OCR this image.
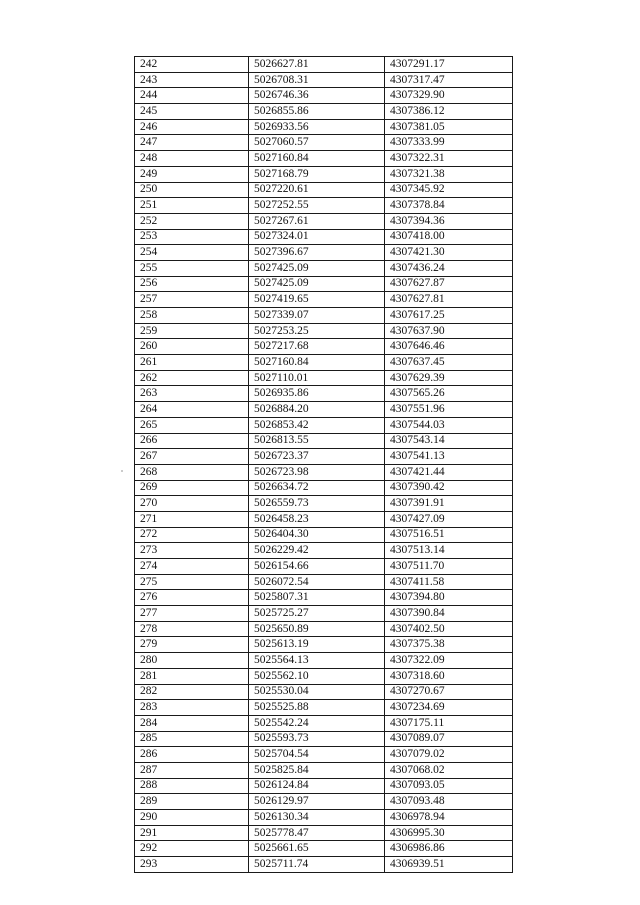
242	5026627.81	4307291.17
243	5026708.31	4307317.47
244	5026746.36	4307329.90
245	5026855.86	4307386.12
246	5026933.56	4307381.05
247	5027060.57	4307333.99
248	5027160.84	4307322.31
249	5027168.79	4307321.38
250	5027220.61	4307345.92
251	5027252.55	4307378.84
252	5027267.61	4307394.36
253	5027324.01	4307418.00
254	5027396.67	4307421.30
255	5027425.09	4307436.24
256	5027425.09	4307627.87
257	5027419.65	4307627.81
258	5027339.07	4307617.25
259	5027253.25	4307637.90
260	5027217.68	4307646.46
261	5027160.84	4307637.45
262	5027110.01	4307629.39
263	5026935.86	4307565.26
264	5026884.20	4307551.96
265	5026853.42	4307544.03
266	5026813.55	4307543.14
267	5026723.37	4307541.13
268	5026723.98	4307421.44
269	5026634.72	4307390.42
270	5026559.73	4307391.91
271	5026458.23	4307427.09
272	5026404.30	4307516.51
273	5026229.42	4307513.14
274	5026154.66	4307511.70
275	5026072.54	4307411.58
276	5025807.31	4307394.80
277	5025725.27	4307390.84
278	5025650.89	4307402.50
279	5025613.19	4307375.38
280	5025564.13	4307322.09
281	5025562.10	4307318.60
282	5025530.04	4307270.67
283	5025525.88	4307234.69
284	5025542.24	4307175.11
285	5025593.73	4307089.07
286	5025704.54	4307079.02
287	5025825.84	4307068.02
288	5026124.84	4307093.05
289	5026129.97	4307093.48
290	5026130.34	4306978.94
291	5025778.47	4306995.30
292	5025661.65	4306986.86
293	5025711.74	4306939.51
